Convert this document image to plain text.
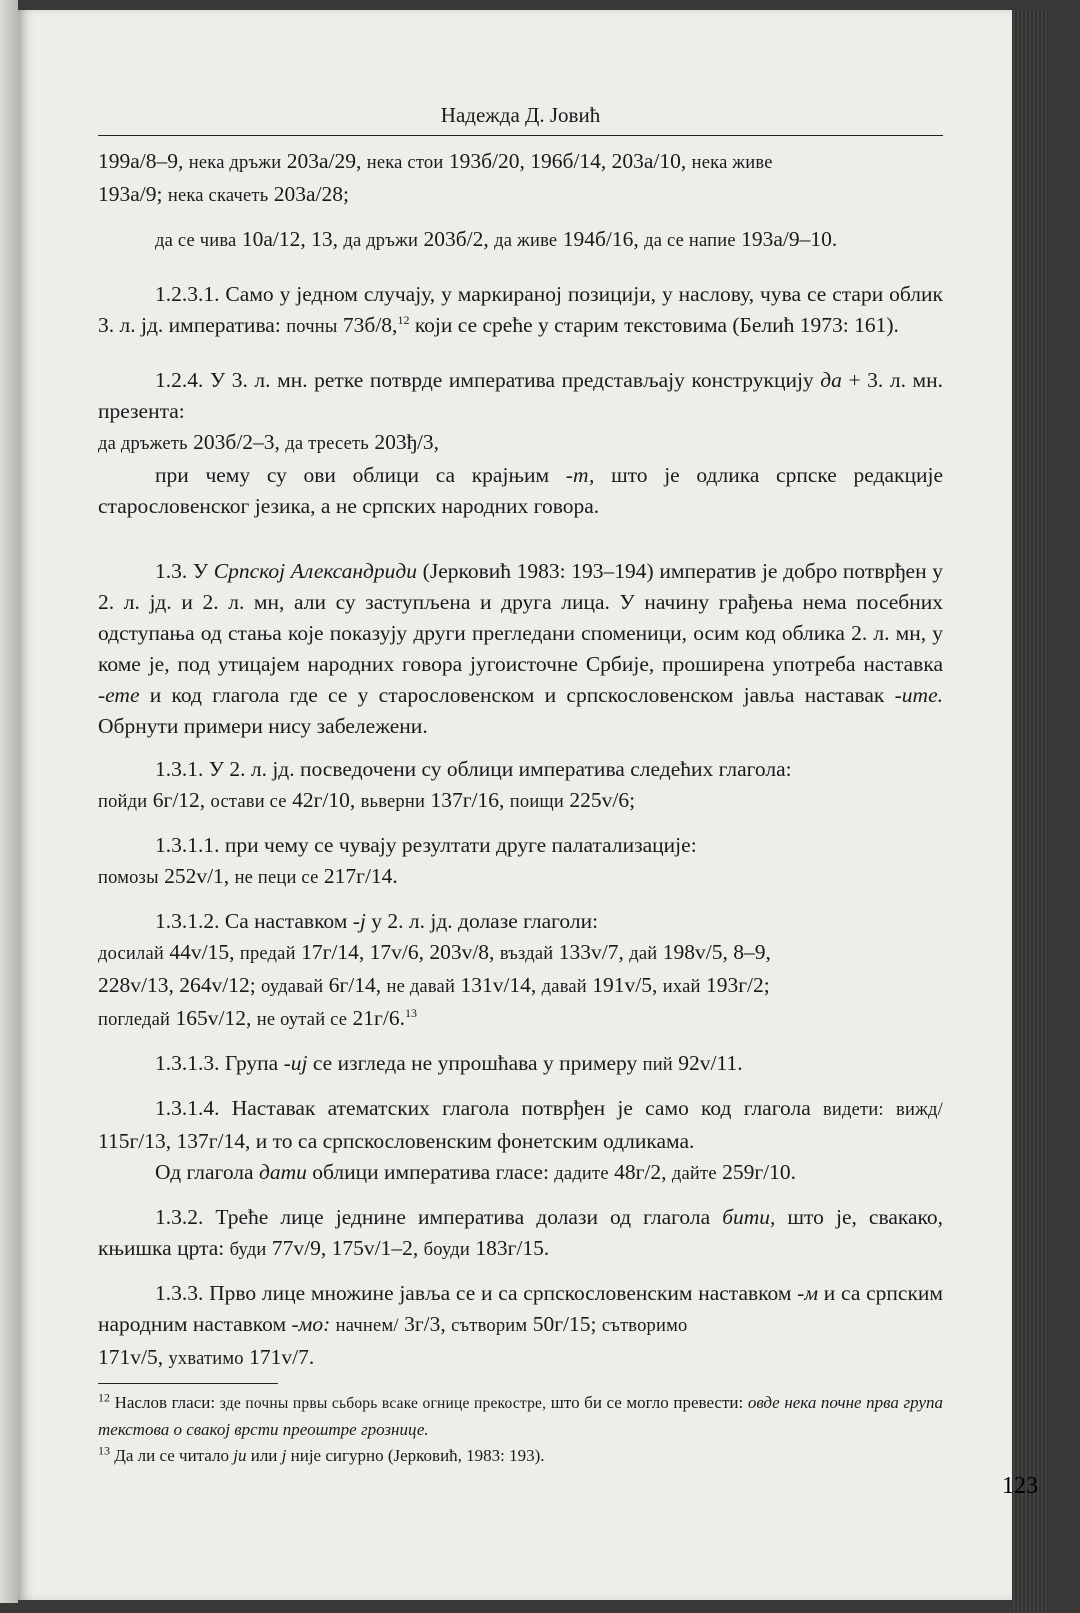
Надежда Д. Јовић

199a/8–9, нека дръжи 203a/29, нека стои 193б/20, 196б/14, 203a/10, нека живе
193a/9; нека скачеть 203a/28;

да се чива 10a/12, 13, да дръжи 203б/2, да живе 194б/16, да се напие 193a/9–10.

1.2.3.1. Само у једном случају, у маркираној позицији, у наслову, чува се стари облик 3. л. јд. императива: почны 73б/8,12 који се среће у старим текстовима (Белић 1973: 161).

1.2.4. У 3. л. мн. ретке потврде императива представљају конструкцију да + 3. л. мн. презента:

да дръжеть 203б/2–3, да тресеть 203ђ/3,

при чему су ови облици са крајњим -т, што је одлика српске редакције старословенског језика, а не српских народних говора.

1.3. У Српској Александриди (Јерковић 1983: 193–194) императив је добро потврђен у 2. л. јд. и 2. л. мн, али су заступљена и друга лица. У начину грађења нема посебних одступања од стања које показују други прегледани споменици, осим код облика 2. л. мн, у коме је, под утицајем народних говора југоисточне Србије, проширена употреба наставка -ете и код глагола где се у старословенском и српскословенском јавља наставак -ите. Обрнути примери нису забележени.

1.3.1. У 2. л. јд. посведочени су облици императива следећих глагола:

пойди 6г/12, остави се 42г/10, вьверни 137г/16, поищи 225v/6;

1.3.1.1. при чему се чувају резултати друге палатализације:

помозы 252v/1, не пеци се 217г/14.

1.3.1.2. Са наставком -ј у 2. л. јд. долазе глаголи:

досилай 44v/15, предай 17г/14, 17v/6, 203v/8, въздай 133v/7, дай 198v/5, 8–9,
228v/13, 264v/12; оудавай 6г/14, не давай 131v/14, давай 191v/5, ихай 193г/2;
погледай 165v/12, не оутай се 21г/6.13

1.3.1.3. Група -иј се изгледа не упрошћава у примеру пий 92v/11.

1.3.1.4. Наставак атематских глагола потврђен је само код глагола видети: вижд/ 115г/13, 137г/14, и то са српскословенским фонетским одликама.

Од глагола дати облици императива гласе: дадите 48г/2, дайте 259г/10.

1.3.2. Треће лице једнине императива долази од глагола бити, што је, свакако, књишка црта: буди 77v/9, 175v/1–2, боуди 183г/15.

1.3.3. Прво лице множине јавља се и са српскословенским наставком -м и са српским народним наставком -мо: начнем/ 3г/3, сътворим 50г/15; сътворимо
171v/5, ухватимо 171v/7.

$^{12}$ Наслов гласи: зде почны првы сьборь всаке огнице прекостре, што би се могло превести: овде нека почне прва група текстова о свакој врсти преоштре грознице.

$^{13}$ Да ли се читало ји или ј није сигурно (Јерковић, 1983: 193).

123
